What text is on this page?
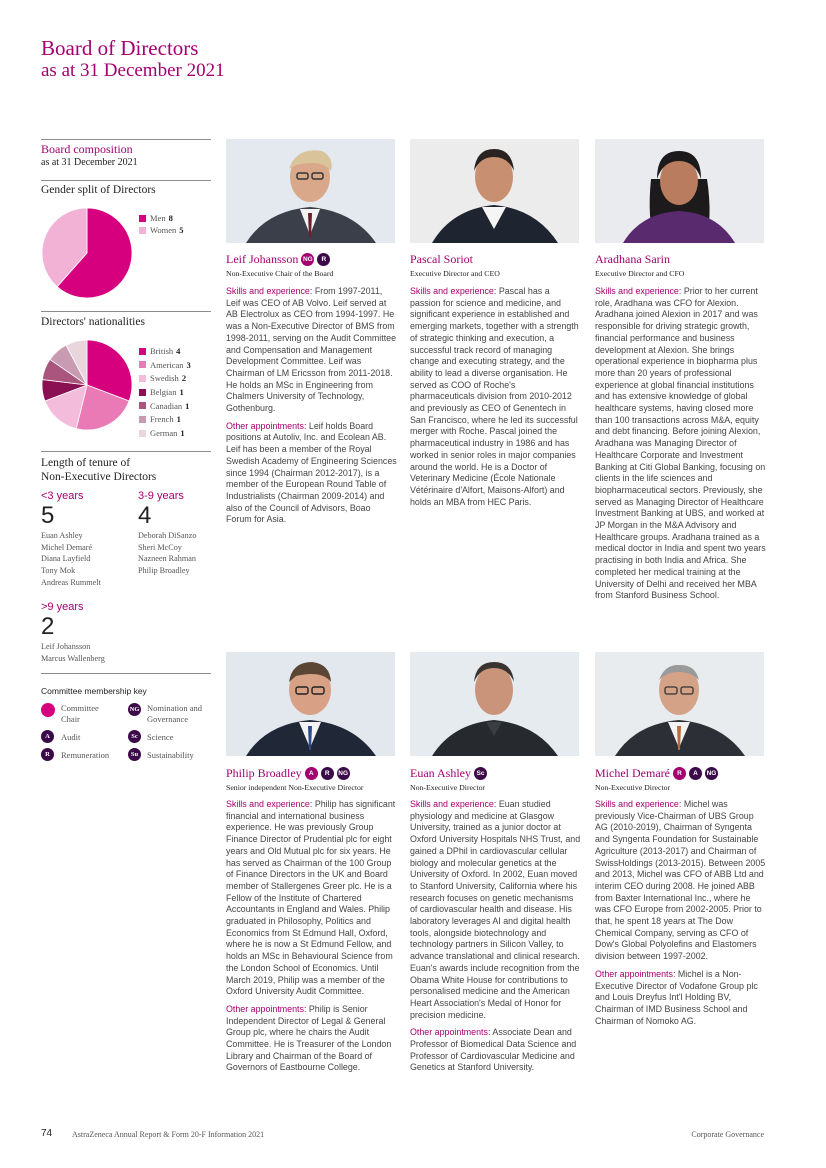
Board of Directors
as at 31 December 2021
Board composition
as at 31 December 2021
Gender split of Directors
Men 8
Women 5
Directors' nationalities
British 4
American 3
Swedish 2
Belgian 1
Canadian 1
French 1
German 1
Length of tenure of
Non-Executive Directors
<3 years
5
Euan Ashley
Michel Demaré
Diana Layfield
Tony Mok
Andreas Rummelt
3-9 years
4
Deborah DiSanzo
Sheri McCoy
Nazneen Rahman
Philip Broadley
>9 years
2
Leif Johansson
Marcus Wallenberg
Committee membership key
Committee Chair
NG Nomination and Governance
A	Audit	Sc	Science
R	Remuneration	Su	Sustainability
Leif Johansson NG	R
Non-Executive Chair of the Board

Skills and experience: From 1997-2011, Leif was CEO of AB Volvo. Leif served at AB Electrolux as CEO from 1994-1997. He was a Non-Executive Director of BMS from 1998-2011, serving on the Audit Committee and Compensation and Management Development Committee. Leif was Chairman of LM Ericsson from 2011-2018. He holds an MSc in Engineering from Chalmers University of Technology, Gothenburg.

Other appointments: Leif holds Board positions at Autoliv, Inc. and Ecolean AB. Leif has been a member of the Royal Swedish Academy of Engineering Sciences since 1994 (Chairman 2012-2017), is a member of the European Round Table of Industrialists (Chairman 2009-2014) and also of the Council of Advisors, Boao Forum for Asia.

Pascal Soriot
Executive Director and CEO

Skills and experience: Pascal has a passion for science and medicine, and significant experience in established and emerging markets, together with a strength of strategic thinking and execution, a successful track record of managing change and executing strategy, and the ability to lead a diverse organisation. He served as COO of Roche's pharmaceuticals division from 2010-2012 and previously as CEO of Genentech in San Francisco, where he led its successful merger with Roche. Pascal joined the pharmaceutical industry in 1986 and has worked in senior roles in major companies around the world. He is a Doctor of Veterinary Medicine (École Nationale Vétérinaire d'Alfort, Maisons-Alfort) and holds an MBA from HEC Paris.

Aradhana Sarin
Executive Director and CFO

Skills and experience: Prior to her current role, Aradhana was CFO for Alexion. Aradhana joined Alexion in 2017 and was responsible for driving strategic growth, financial performance and business development at Alexion. She brings operational experience in biopharma plus more than 20 years of professional experience at global financial institutions and has extensive knowledge of global healthcare systems, having closed more than 100 transactions across M&A, equity and debt financing. Before joining Alexion, Aradhana was Managing Director of Healthcare Corporate and Investment Banking at Citi Global Banking, focusing on clients in the life sciences and biopharmaceutical sectors. Previously, she served as Managing Director of Healthcare Investment Banking at UBS, and worked at JP Morgan in the M&A Advisory and Healthcare groups. Aradhana trained as a medical doctor in India and spent two years practising in both India and Africa. She completed her medical training at the University of Delhi and received her MBA from Stanford Business School.

Philip Broadley	A	R	NG
Senior independent Non-Executive Director

Skills and experience: Philip has significant financial and international business experience. He was previously Group Finance Director of Prudential plc for eight years and Old Mutual plc for six years. He has served as Chairman of the 100 Group of Finance Directors in the UK and Board member of Stallergenes Greer plc. He is a Fellow of the Institute of Chartered Accountants in England and Wales. Philip graduated in Philosophy, Politics and Economics from St Edmund Hall, Oxford, where he is now a St Edmund Fellow, and holds an MSc in Behavioural Science from the London School of Economics. Until March 2019, Philip was a member of the Oxford University Audit Committee.

Other appointments: Philip is Senior Independent Director of Legal & General Group plc, where he chairs the Audit Committee. He is Treasurer of the London Library and Chairman of the Board of Governors of Eastbourne College.

Euan Ashley Sc
Non-Executive Director

Skills and experience: Euan studied physiology and medicine at Glasgow University, trained as a junior doctor at Oxford University Hospitals NHS Trust, and gained a DPhil in cardiovascular cellular biology and molecular genetics at the University of Oxford. In 2002, Euan moved to Stanford University, California where his research focuses on genetic mechanisms of cardiovascular health and disease. His laboratory leverages AI and digital health tools, alongside biotechnology and technology partners in Silicon Valley, to advance translational and clinical research. Euan's awards include recognition from the Obama White House for contributions to personalised medicine and the American Heart Association's Medal of Honor for precision medicine.

Other appointments: Associate Dean and Professor of Biomedical Data Science and Professor of Cardiovascular Medicine and Genetics at Stanford University.

Michel Demaré	R	A	NG
Non-Executive Director

Skills and experience: Michel was previously Vice-Chairman of UBS Group AG (2010-2019), Chairman of Syngenta and Syngenta Foundation for Sustainable Agriculture (2013-2017) and Chairman of SwissHoldings (2013-2015). Between 2005 and 2013, Michel was CFO of ABB Ltd and interim CEO during 2008. He joined ABB from Baxter International Inc., where he was CFO Europe from 2002-2005. Prior to that, he spent 18 years at The Dow Chemical Company, serving as CFO of Dow's Global Polyolefins and Elastomers division between 1997-2002.

Other appointments: Michel is a Non-Executive Director of Vodafone Group plc and Louis Dreyfus Int'l Holding BV, Chairman of IMD Business School and Chairman of Nomoko AG.

74 AstraZeneca Annual Report & Form 20-F Information 2021	Corporate Governance
